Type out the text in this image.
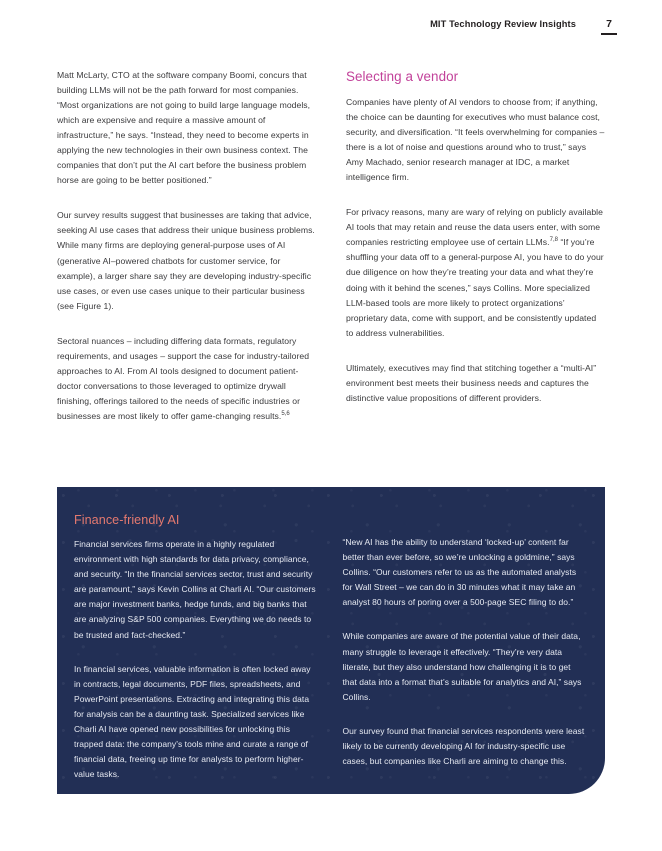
MIT Technology Review Insights	7

Matt McLarty, CTO at the software company Boomi, concurs that building LLMs will not be the path forward for most companies. “Most organizations are not going to build large language models, which are expensive and require a massive amount of infrastructure,” he says. “Instead, they need to become experts in applying the new technologies in their own business context. The companies that don’t put the AI cart before the business problem horse are going to be better positioned.”

Our survey results suggest that businesses are taking that advice, seeking AI use cases that address their unique business problems. While many firms are deploying general-purpose uses of AI (generative AI–powered chatbots for customer service, for example), a larger share say they are developing industry-specific use cases, or even use cases unique to their particular business (see Figure 1).

Sectoral nuances – including differing data formats, regulatory requirements, and usages – support the case for industry-tailored approaches to AI. From AI tools designed to document patient-doctor conversations to those leveraged to optimize drywall finishing, offerings tailored to the needs of specific industries or businesses are most likely to offer game-changing results.$^{5,6}$

Selecting a vendor

Companies have plenty of AI vendors to choose from; if anything, the choice can be daunting for executives who must balance cost, security, and diversification. “It feels overwhelming for companies – there is a lot of noise and questions around who to trust,” says Amy Machado, senior research manager at IDC, a market intelligence firm.

For privacy reasons, many are wary of relying on publicly available AI tools that may retain and reuse the data users enter, with some companies restricting employee use of certain LLMs.$^{7,8}$ “If you’re shuffling your data off to a general-purpose AI, you have to do your due diligence on how they’re treating your data and what they’re doing with it behind the scenes,” says Collins. More specialized LLM-based tools are more likely to protect organizations’ proprietary data, come with support, and be consistently updated to address vulnerabilities.

Ultimately, executives may find that stitching together a “multi-AI” environment best meets their business needs and captures the distinctive value propositions of different providers.

Finance-friendly AI

Financial services firms operate in a highly regulated environment with high standards for data privacy, compliance, and security. “In the financial services sector, trust and security are paramount,” says Kevin Collins at Charli AI. “Our customers are major investment banks, hedge funds, and big banks that are analyzing S&P 500 companies. Everything we do needs to be trusted and fact-checked.”

In financial services, valuable information is often locked away in contracts, legal documents, PDF files, spreadsheets, and PowerPoint presentations. Extracting and integrating this data for analysis can be a daunting task. Specialized services like Charli AI have opened new possibilities for unlocking this trapped data: the company’s tools mine and curate a range of financial data, freeing up time for analysts to perform higher-value tasks.

“New AI has the ability to understand ‘locked-up’ content far better than ever before, so we’re unlocking a goldmine,” says Collins. “Our customers refer to us as the automated analysts for Wall Street – we can do in 30 minutes what it may take an analyst 80 hours of poring over a 500-page SEC filing to do.”

While companies are aware of the potential value of their data, many struggle to leverage it effectively. “They’re very data literate, but they also understand how challenging it is to get that data into a format that’s suitable for analytics and AI,” says Collins.

Our survey found that financial services respondents were least likely to be currently developing AI for industry-specific use cases, but companies like Charli are aiming to change this.
